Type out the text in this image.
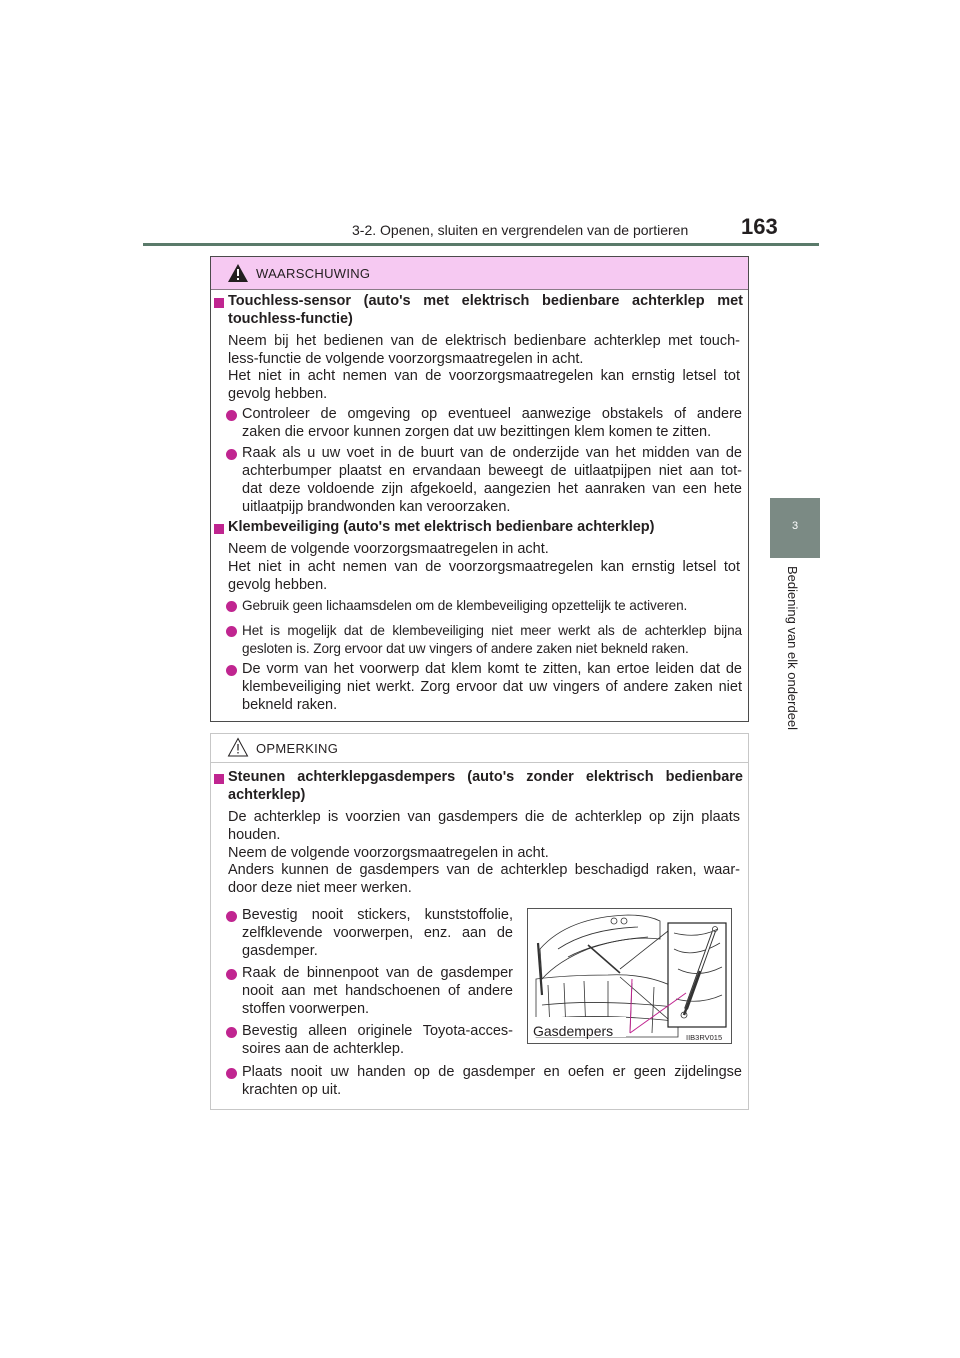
3-2. Openen, sluiten en vergrendelen van de portieren 163
3
Bediening van elk onderdeel
WAARSCHUWING
Touchless-sensor (auto's met elektrisch bedienbare achterklep met
touchless-functie)
Neem bij het bedienen van de elektrisch bedienbare achterklep met touch-
less-functie de volgende voorzorgsmaatregelen in acht.
Het niet in acht nemen van de voorzorgsmaatregelen kan ernstig letsel tot
gevolg hebben.
Controleer de omgeving op eventueel aanwezige obstakels of andere
zaken die ervoor kunnen zorgen dat uw bezittingen klem komen te zitten.
Raak als u uw voet in de buurt van de onderzijde van het midden van de
achterbumper plaatst en ervandaan beweegt de uitlaatpijpen niet aan tot-
dat deze voldoende zijn afgekoeld, aangezien het aanraken van een hete
uitlaatpijp brandwonden kan veroorzaken.
Klembeveiliging (auto's met elektrisch bedienbare achterklep)
Neem de volgende voorzorgsmaatregelen in acht.
Het niet in acht nemen van de voorzorgsmaatregelen kan ernstig letsel tot
gevolg hebben.
Gebruik geen lichaamsdelen om de klembeveiliging opzettelijk te activeren.
Het is mogelijk dat de klembeveiliging niet meer werkt als de achterklep bijna
gesloten is. Zorg ervoor dat uw vingers of andere zaken niet bekneld raken.
De vorm van het voorwerp dat klem komt te zitten, kan ertoe leiden dat de
klembeveiliging niet werkt. Zorg ervoor dat uw vingers of andere zaken niet
bekneld raken.
OPMERKING
Steunen achterklepgasdempers (auto's zonder elektrisch bedienbare
achterklep)
De achterklep is voorzien van gasdempers die de achterklep op zijn plaats
houden.
Neem de volgende voorzorgsmaatregelen in acht.
Anders kunnen de gasdempers van de achterklep beschadigd raken, waar-
door deze niet meer werken.
Bevestig nooit stickers, kunststoffolie,
zelfklevende voorwerpen, enz. aan de
gasdemper.
Raak de binnenpoot van de gasdemper
nooit aan met handschoenen of andere
stoffen voorwerpen.
Bevestig alleen originele Toyota-acces-
soires aan de achterklep.
Plaats nooit uw handen op de gasdemper en oefen er geen zijdelingse
krachten op uit.
Gasdempers	IIB3RV015
